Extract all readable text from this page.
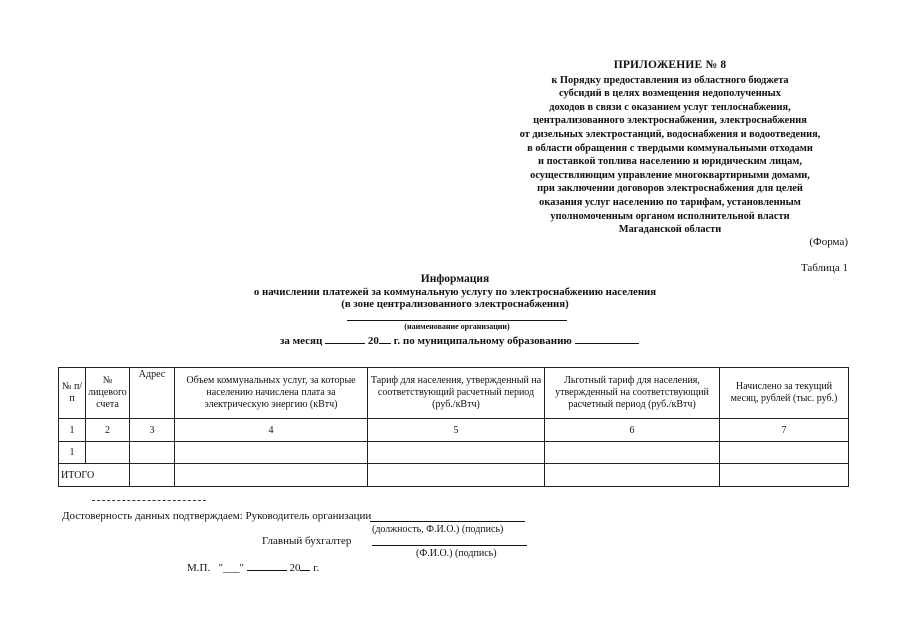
ПРИЛОЖЕНИЕ № 8
к Порядку предоставления из областного бюджета
субсидий в целях возмещения недополученных
доходов в связи с оказанием услуг теплоснабжения,
централизованного электроснабжения, электроснабжения
от дизельных электростанций, водоснабжения и водоотведения,
в области обращения с твердыми коммунальными отходами
и поставкой топлива населению и юридическим лицам,
осуществляющим управление многоквартирными домами,
при заключении договоров электроснабжения для целей
оказания услуг населению по тарифам, установленным
уполномоченным органом исполнительной власти
Магаданской области
(Форма)
Таблица 1
Информация
о начислении платежей за коммунальную услугу по электроснабжению населения
(в зоне централизованного электроснабжения)
(наименование организации)
за месяц	20 г. по муниципальному образованию
№ п/п	№ лицевого счета	Адрес	Объем коммунальных услуг, за которые населению начислена плата за электрическую энергию (кВтч)	Тариф для населения, утвержденный на соответствующий расчетный период (руб./кВтч)	Льготный тариф для населения, утвержденный на соответствующий расчетный период (руб./кВтч)	Начислено за текущий месяц, рублей (тыс. руб.)
1	2	3	4	5	6	7
1						
ИТОГО						
Достоверность данных подтверждаем: Руководитель организации
(должность, Ф.И.О.) (подпись)
Главный бухгалтер
(Ф.И.О.) (подпись)
М.П. "___"	20 г.
